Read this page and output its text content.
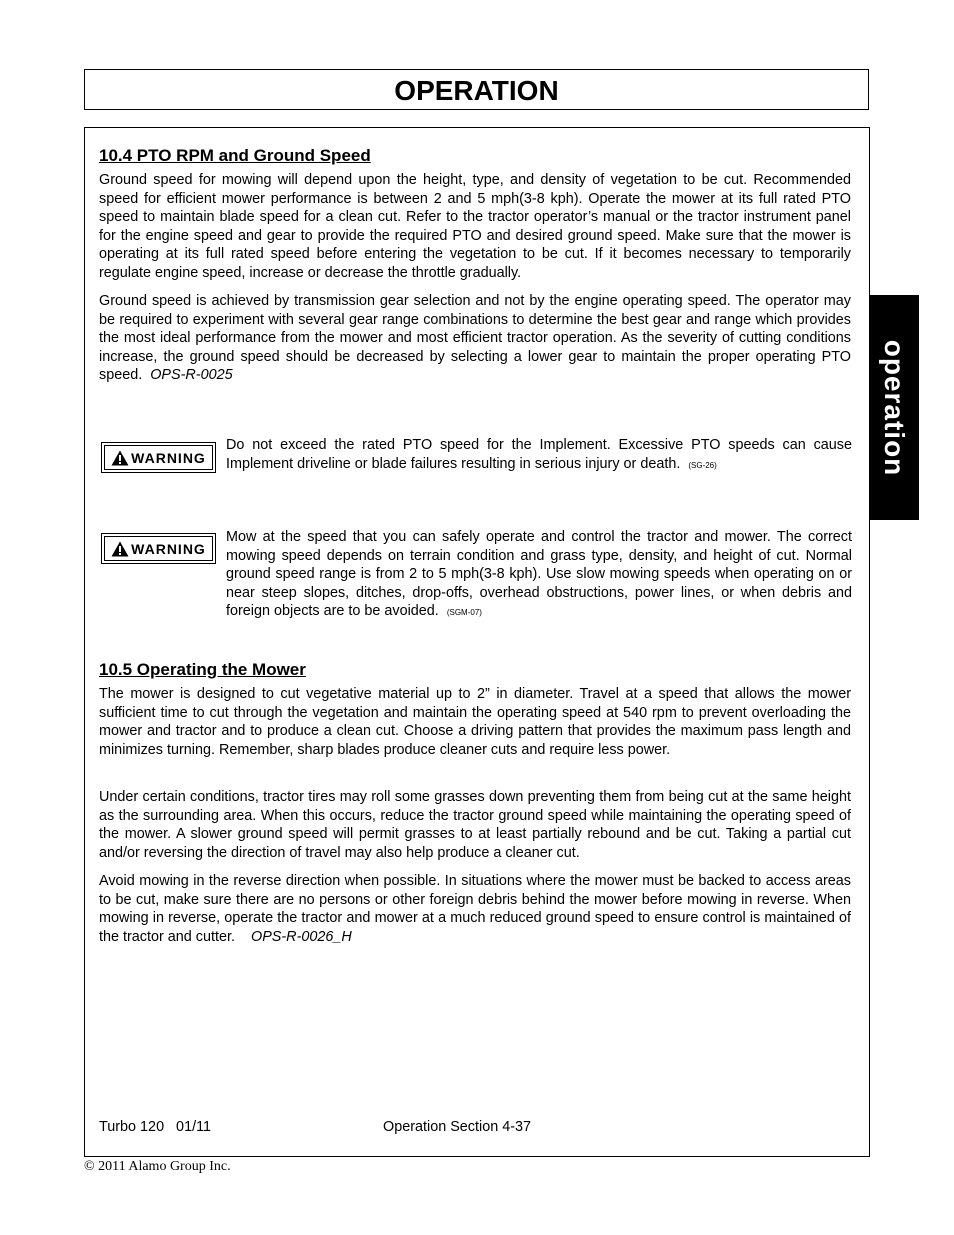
OPERATION
operation
10.4 PTO RPM and Ground Speed
Ground speed for mowing will depend upon the height, type, and density of vegetation to be cut. Recommended speed for efficient mower performance is between 2 and 5 mph(3-8 kph). Operate the mower at its full rated PTO speed to maintain blade speed for a clean cut. Refer to the tractor operator’s manual or the tractor instrument panel for the engine speed and gear to provide the required PTO and desired ground speed. Make sure that the mower is operating at its full rated speed before entering the vegetation to be cut. If it becomes necessary to temporarily regulate engine speed, increase or decrease the throttle gradually.
Ground speed is achieved by transmission gear selection and not by the engine operating speed. The operator may be required to experiment with several gear range combinations to determine the best gear and range which provides the most ideal performance from the mower and most efficient tractor operation. As the severity of cutting conditions increase, the ground speed should be decreased by selecting a lower gear to maintain the proper operating PTO speed. OPS-R-0025
WARNING
Do not exceed the rated PTO speed for the Implement. Excessive PTO speeds can cause Implement driveline or blade failures resulting in serious injury or death. (SG-26)
WARNING
Mow at the speed that you can safely operate and control the tractor and mower. The correct mowing speed depends on terrain condition and grass type, density, and height of cut. Normal ground speed range is from 2 to 5 mph(3-8 kph). Use slow mowing speeds when operating on or near steep slopes, ditches, drop-offs, overhead obstructions, power lines, or when debris and foreign objects are to be avoided. (SGM-07)
10.5 Operating the Mower
The mower is designed to cut vegetative material up to 2” in diameter. Travel at a speed that allows the mower sufficient time to cut through the vegetation and maintain the operating speed at 540 rpm to prevent overloading the mower and tractor and to produce a clean cut. Choose a driving pattern that provides the maximum pass length and minimizes turning. Remember, sharp blades produce cleaner cuts and require less power.
Under certain conditions, tractor tires may roll some grasses down preventing them from being cut at the same height as the surrounding area. When this occurs, reduce the tractor ground speed while maintaining the operating speed of the mower. A slower ground speed will permit grasses to at least partially rebound and be cut. Taking a partial cut and/or reversing the direction of travel may also help produce a cleaner cut.
Avoid mowing in the reverse direction when possible. In situations where the mower must be backed to access areas to be cut, make sure there are no persons or other foreign debris behind the mower before mowing in reverse. When mowing in reverse, operate the tractor and mower at a much reduced ground speed to ensure control is maintained of the tractor and cutter. OPS-R-0026_H
Turbo 120   01/11	Operation Section 4-37
© 2011 Alamo Group Inc.
